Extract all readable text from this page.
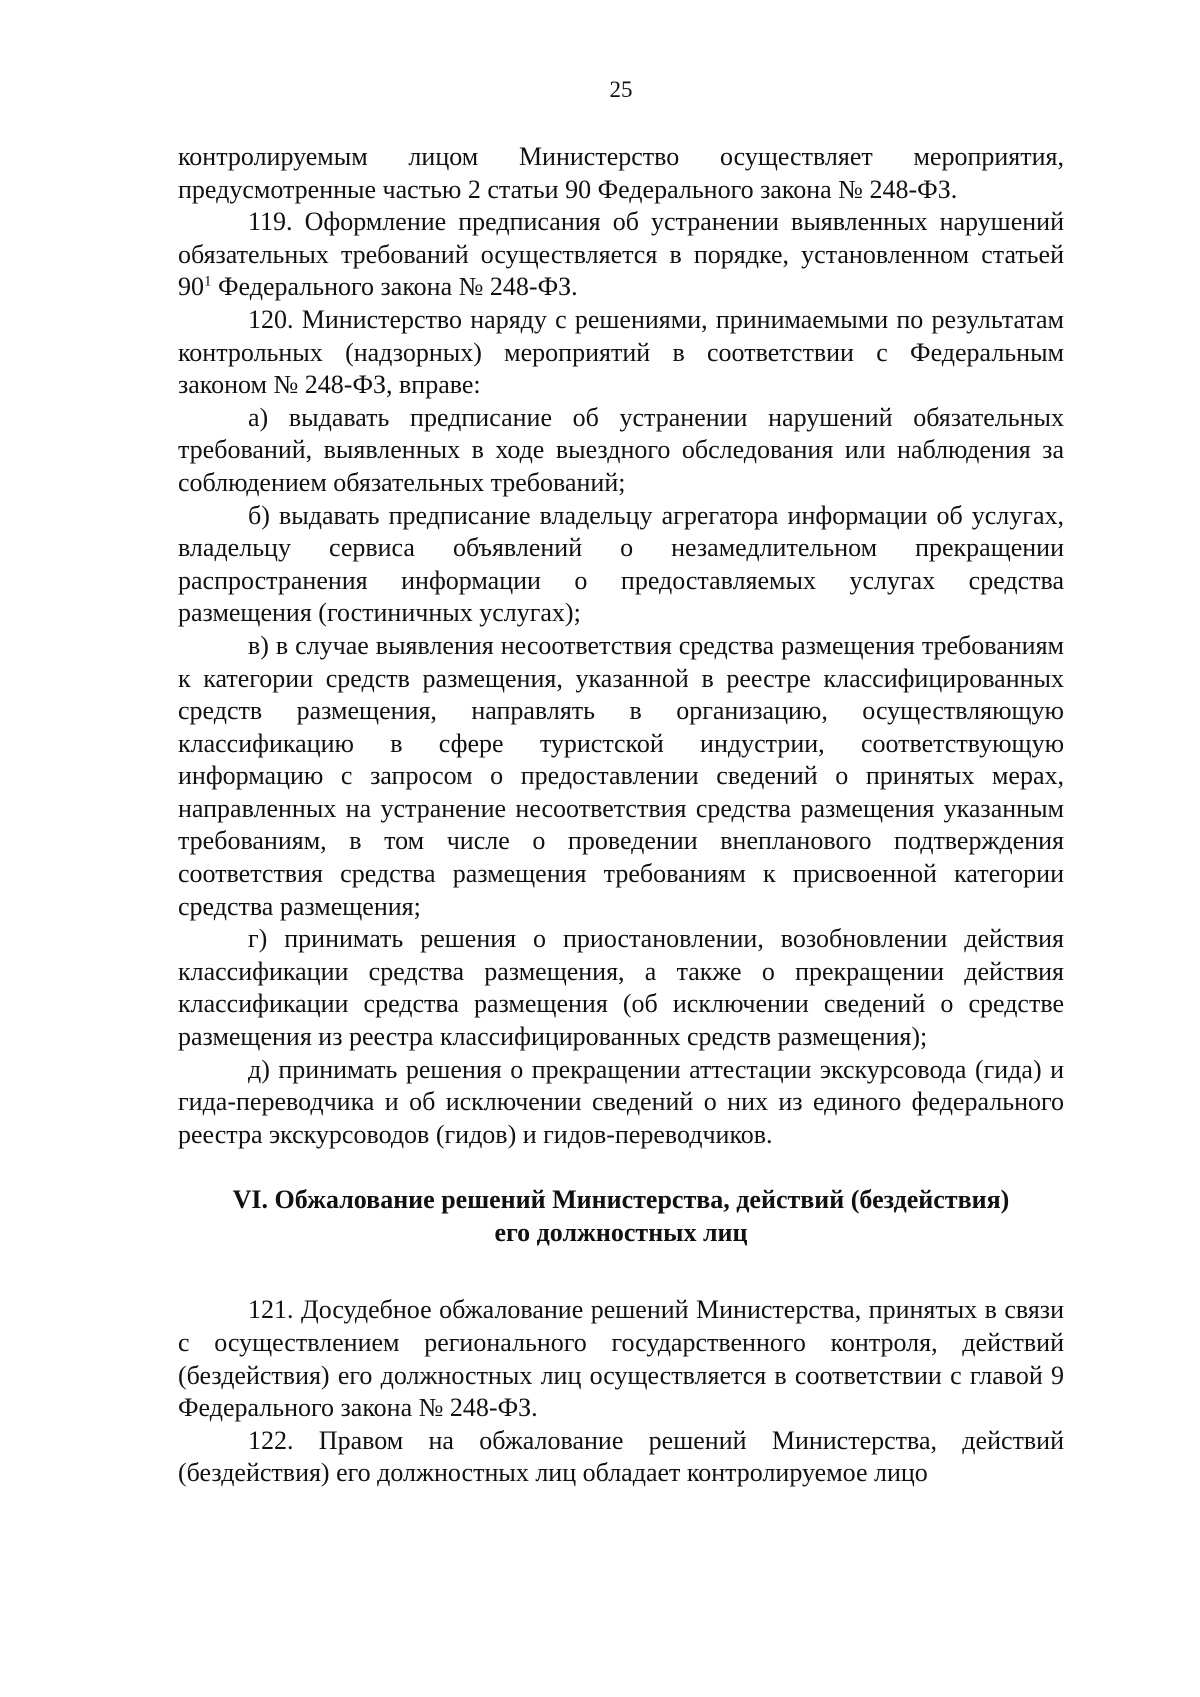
25

контролируемым лицом Министерство осуществляет мероприятия, предусмотренные частью 2 статьи 90 Федерального закона № 248-ФЗ.

119. Оформление предписания об устранении выявленных нарушений обязательных требований осуществляется в порядке, установленном статьей $90^1$ Федерального закона № 248-ФЗ.

120. Министерство наряду с решениями, принимаемыми по результатам контрольных (надзорных) мероприятий в соответствии с Федеральным законом № 248-ФЗ, вправе:

а) выдавать предписание об устранении нарушений обязательных требований, выявленных в ходе выездного обследования или наблюдения за соблюдением обязательных требований;

б) выдавать предписание владельцу агрегатора информации об услугах, владельцу сервиса объявлений о незамедлительном прекращении распространения информации о предоставляемых услугах средства размещения (гостиничных услугах);

в) в случае выявления несоответствия средства размещения требованиям к категории средств размещения, указанной в реестре классифицированных средств размещения, направлять в организацию, осуществляющую классификацию в сфере туристской индустрии, соответствующую информацию с запросом о предоставлении сведений о принятых мерах, направленных на устранение несоответствия средства размещения указанным требованиям, в том числе о проведении внепланового подтверждения соответствия средства размещения требованиям к присвоенной категории средства размещения;

г) принимать решения о приостановлении, возобновлении действия классификации средства размещения, а также о прекращении действия классификации средства размещения (об исключении сведений о средстве размещения из реестра классифицированных средств размещения);

д) принимать решения о прекращении аттестации экскурсовода (гида) и гида-переводчика и об исключении сведений о них из единого федерального реестра экскурсоводов (гидов) и гидов-переводчиков.

VI. Обжалование решений Министерства, действий (бездействия)
его должностных лиц

121. Досудебное обжалование решений Министерства, принятых в связи с осуществлением регионального государственного контроля, действий (бездействия) его должностных лиц осуществляется в соответствии с главой 9 Федерального закона № 248-ФЗ.

122. Правом на обжалование решений Министерства, действий (бездействия) его должностных лиц обладает контролируемое лицо
